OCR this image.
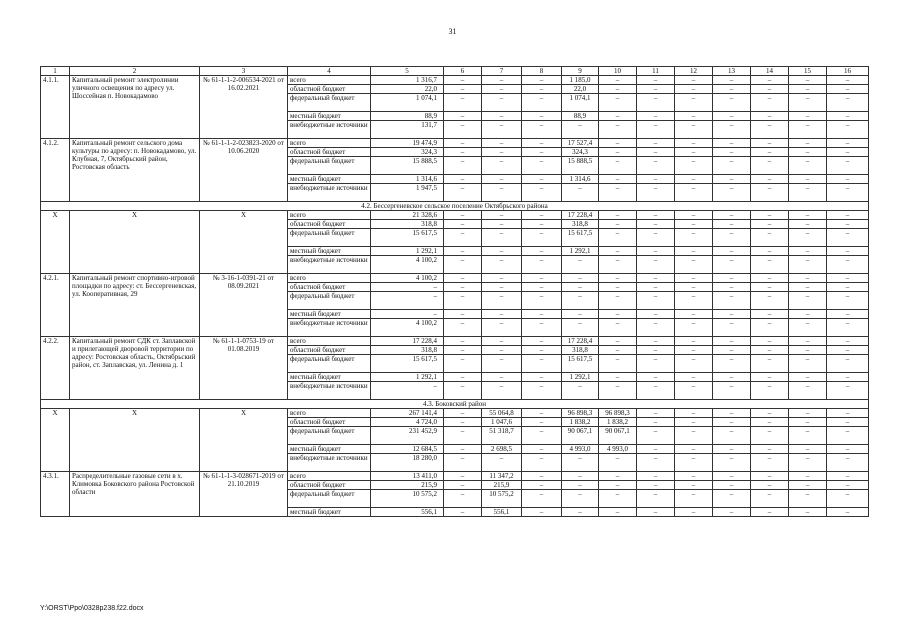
31
1	2	3	4	5	6	7	8	9	10	11	12	13	14	15	16
4.1.1.	Капитальный ремонт электролинии уличного освещения по адресу ул. Шоссейная п. Новокадамово	№ 61-1-1-2-006534-2021 от 16.02.2021	всего	1 316,7	–	–	–	1 185,0	–	–	–	–	–	–	–
			областной бюджет	22,0	–	–	–	22,0	–	–	–	–	–	–	–
			федеральный бюджет	1 074,1	–	–	–	1 074,1	–	–	–	–	–	–	–
			местный бюджет	88,9	–	–	–	88,9	–	–	–	–	–	–	–
			внебюджетные источники	131,7	–	–	–	–	–	–	–	–	–	–	–
4.1.2.	Капитальный ремонт сельского дома культуры по адресу: п. Новокадамово, ул. Клубная, 7, Октябрьский район, Ростовская область	№ 61-1-1-2-023823-2020 от 10.06.2020	всего	19 474,9	–	–	–	17 527,4	–	–	–	–	–	–	–
			областной бюджет	324,3	–	–	–	324,3	–	–	–	–	–	–	–
			федеральный бюджет	15 888,5	–	–	–	15 888,5	–	–	–	–	–	–	–
			местный бюджет	1 314,6	–	–	–	1 314,6	–	–	–	–	–	–	–
			внебюджетные источники	1 947,5	–	–	–	–	–	–	–	–	–	–	–
4.2. Бессергеневское сельское поселение Октябрьского района															
Х	Х	Х	всего	21 328,6	–	–	–	17 228,4	–	–	–	–	–	–	–
			областной бюджет	318,8	–	–	–	318,8	–	–	–	–	–	–	–
			федеральный бюджет	15 617,5	–	–	–	15 617,5	–	–	–	–	–	–	–
			местный бюджет	1 292,1	–	–	–	1 292,1	–	–	–	–	–	–	–
			внебюджетные источники	4 100,2	–	–	–	–	–	–	–	–	–	–	–
4.2.1.	Капитальный ремонт спортивно-игровой площадки по адресу: ст. Бессергеневская, ул. Кооперативная, 29	№ 3-16-1-0391-21 от 08.09.2021	всего	4 100,2	–	–	–	–	–	–	–	–	–	–	–
			областной бюджет	–	–	–	–	–	–	–	–	–	–	–	–
			федеральный бюджет	–	–	–	–	–	–	–	–	–	–	–	–
			местный бюджет	–	–	–	–	–	–	–	–	–	–	–	–
			внебюджетные источники	4 100,2	–	–	–	–	–	–	–	–	–	–	–
4.2.2.	Капитальный ремонт СДК ст. Заплавской и прилегающей дворовой территории по адресу: Ростовская область, Октябрьский район, ст. Заплавская, ул. Ленина д. 1	№ 61-1-1-0753-19 от 01.08.2019	всего	17 228,4	–	–	–	17 228,4	–	–	–	–	–	–	–
			областной бюджет	318,8	–	–	–	318,8	–	–	–	–	–	–	–
			федеральный бюджет	15 617,5	–	–	–	15 617,5	–	–	–	–	–	–	–
			местный бюджет	1 292,1	–	–	–	1 292,1	–	–	–	–	–	–	–
			внебюджетные источники	–	–	–	–	–	–	–	–	–	–	–	–
4.3. Боковский район															
Х	Х	Х	всего	267 141,4	–	55 064,8	–	96 898,3	96 898,3	–	–	–	–	–	–
			областной бюджет	4 724,0	–	1 047,6	–	1 838,2	1 838,2	–	–	–	–	–	–
			федеральный бюджет	231 452,9	–	51 318,7	–	90 067,1	90 067,1	–	–	–	–	–	–
			местный бюджет	12 684,5	–	2 698,5	–	4 993,0	4 993,0	–	–	–	–	–	–
			внебюджетные источники	18 280,0	–	–	–	–	–	–	–	–	–	–	–
4.3.1.	Распределительные газовые сети в х. Климовка Боковского района Ростовской области	№ 61-1-1-3-028671-2019 от 21.10.2019	всего	13 411,0	–	11 347,2	–	–	–	–	–	–	–	–	–
			областной бюджет	215,9	–	215,9	–	–	–	–	–	–	–	–	–
			федеральный бюджет	10 575,2	–	10 575,2	–	–	–	–	–	–	–	–	–
			местный бюджет	556,1	–	556,1	–	–	–	–	–	–	–	–	–
Y:\ORST\Ppo\0328p238.f22.docx
